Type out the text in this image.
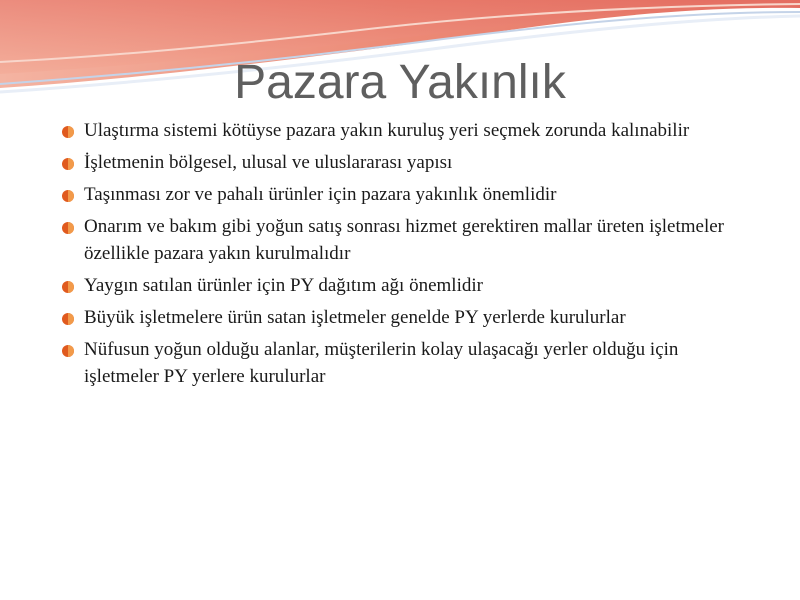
Pazara Yakınlık
Ulaştırma sistemi kötüyse pazara yakın kuruluş yeri seçmek zorunda kalınabilir
İşletmenin bölgesel, ulusal ve uluslararası yapısı
Taşınması zor ve pahalı ürünler için pazara yakınlık önemlidir
Onarım ve bakım gibi yoğun satış sonrası hizmet gerektiren mallar üreten işletmeler özellikle pazara yakın kurulmalıdır
Yaygın satılan ürünler için PY dağıtım ağı önemlidir
Büyük işletmelere ürün satan işletmeler genelde PY yerlerde kurulurlar
Nüfusun yoğun olduğu alanlar, müşterilerin kolay ulaşacağı yerler olduğu için işletmeler PY yerlere kurulurlar
